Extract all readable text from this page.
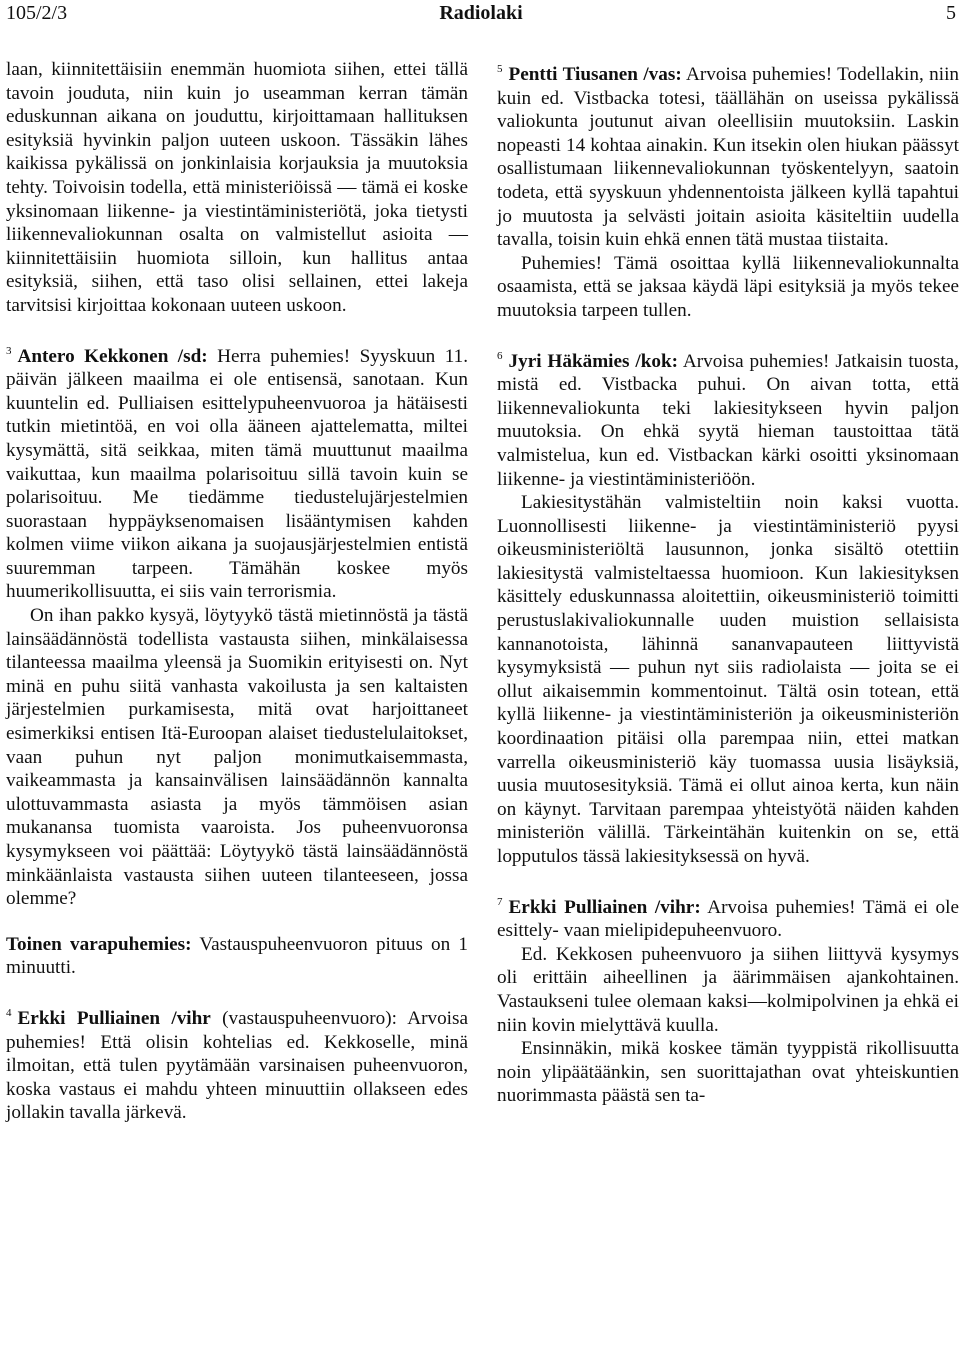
105/2/3	Radiolaki	5

laan, kiinnitettäisiin enemmän huomiota siihen, ettei tällä tavoin jouduta, niin kuin jo useamman kerran tämän eduskunnan aikana on jouduttu, kirjoittamaan hallituksen esityksiä hyvinkin paljon uuteen uskoon. Tässäkin lähes kaikissa pykälissä on jonkinlaisia korjauksia ja muutoksia tehty. Toivoisin todella, että ministeriöissä — tämä ei koske yksinomaan liikenne- ja viestintäministeriötä, joka tietysti liikennevaliokunnan osalta on valmistellut asioita — kiinnitettäisiin huomiota silloin, kun hallitus antaa esityksiä, siihen, että taso olisi sellainen, ettei lakeja tarvitsisi kirjoittaa kokonaan uuteen uskoon.

$^3$ Antero Kekkonen /sd: Herra puhemies! Syyskuun 11. päivän jälkeen maailma ei ole entisensä, sanotaan. Kun kuuntelin ed. Pulliaisen esittelypuheenvuoroa ja hätäisesti tutkin mietintöä, en voi olla ääneen ajattelematta, miltei kysymättä, sitä seikkaa, miten tämä muuttunut maailma vaikuttaa, kun maailma polarisoituu sillä tavoin kuin se polarisoituu. Me tiedämme tiedustelujärjestelmien suorastaan hyppäyksenomaisen lisääntymisen kahden kolmen viime viikon aikana ja suojausjärjestelmien entistä suuremman tarpeen. Tämähän koskee myös huumerikollisuutta, ei siis vain terrorismia.

On ihan pakko kysyä, löytyykö tästä mietinnöstä ja tästä lainsäädännöstä todellista vastausta siihen, minkälaisessa tilanteessa maailma yleensä ja Suomikin erityisesti on. Nyt minä en puhu siitä vanhasta vakoilusta ja sen kaltaisten järjestelmien purkamisesta, mitä ovat harjoittaneet esimerkiksi entisen Itä-Euroopan alaiset tiedustelulaitokset, vaan puhun nyt paljon monimutkaisemmasta, vaikeammasta ja kansainvälisen lainsäädännön kannalta ulottuvammasta asiasta ja myös tämmöisen asian mukanansa tuomista vaaroista. Jos puheenvuoronsa kysymykseen voi päättää: Löytyykö tästä lainsäädännöstä minkäänlaista vastausta siihen uuteen tilanteeseen, jossa olemme?

Toinen varapuhemies: Vastauspuheenvuoron pituus on 1 minuutti.

$^4$ Erkki Pulliainen /vihr (vastauspuheenvuoro): Arvoisa puhemies! Että olisin kohtelias ed. Kekkoselle, minä ilmoitan, että tulen pyytämään varsinaisen puheenvuoron, koska vastaus ei mahdu yhteen minuuttiin ollakseen edes jollakin tavalla järkevä.

$^5$ Pentti Tiusanen /vas: Arvoisa puhemies! Todellakin, niin kuin ed. Vistbacka totesi, täällähän on useissa pykälissä valiokunta joutunut aivan oleellisiin muutoksiin. Laskin nopeasti 14 kohtaa ainakin. Kun itsekin olen hiukan päässyt osallistumaan liikennevaliokunnan työskentelyyn, saatoin todeta, että syyskuun yhdennentoista jälkeen kyllä tapahtui jo muutosta ja selvästi joitain asioita käsiteltiin uudella tavalla, toisin kuin ehkä ennen tätä mustaa tiistaita.

Puhemies! Tämä osoittaa kyllä liikennevaliokunnalta osaamista, että se jaksaa käydä läpi esityksiä ja myös tekee muutoksia tarpeen tullen.

$^6$ Jyri Häkämies /kok: Arvoisa puhemies! Jatkaisin tuosta, mistä ed. Vistbacka puhui. On aivan totta, että liikennevaliokunta teki lakiesitykseen hyvin paljon muutoksia. On ehkä syytä hieman taustoittaa tätä valmistelua, kun ed. Vistbackan kärki osoitti yksinomaan liikenne- ja viestintäministeriöön.

Lakiesitystähän valmisteltiin noin kaksi vuotta. Luonnollisesti liikenne- ja viestintäministeriö pyysi oikeusministeriöltä lausunnon, jonka sisältö otettiin lakiesitystä valmisteltaessa huomioon. Kun lakiesityksen käsittely eduskunnassa aloitettiin, oikeusministeriö toimitti perustuslakivaliokunnalle uuden muistion sellaisista kannanotoista, lähinnä sananvapauteen liittyvistä kysymyksistä — puhun nyt siis radiolaista — joita se ei ollut aikaisemmin kommentoinut. Tältä osin totean, että kyllä liikenne- ja viestintäministeriön ja oikeusministeriön koordinaation pitäisi olla parempaa niin, ettei matkan varrella oikeusministeriö käy tuomassa uusia lisäyksiä, uusia muutosesityksiä. Tämä ei ollut ainoa kerta, kun näin on käynyt. Tarvitaan parempaa yhteistyötä näiden kahden ministeriön välillä. Tärkeintähän kuitenkin on se, että lopputulos tässä lakiesityksessä on hyvä.

$^7$ Erkki Pulliainen /vihr: Arvoisa puhemies! Tämä ei ole esittely- vaan mielipidepuheenvuoro.

Ed. Kekkosen puheenvuoro ja siihen liittyvä kysymys oli erittäin aiheellinen ja äärimmäisen ajankohtainen. Vastaukseni tulee olemaan kaksi—kolmipolvinen ja ehkä ei niin kovin mielyttävä kuulla.

Ensinnäkin, mikä koskee tämän tyyppistä rikollisuutta noin ylipäätäänkin, sen suorittajathan ovat yhteiskuntien nuorimmasta päästä sen ta-
